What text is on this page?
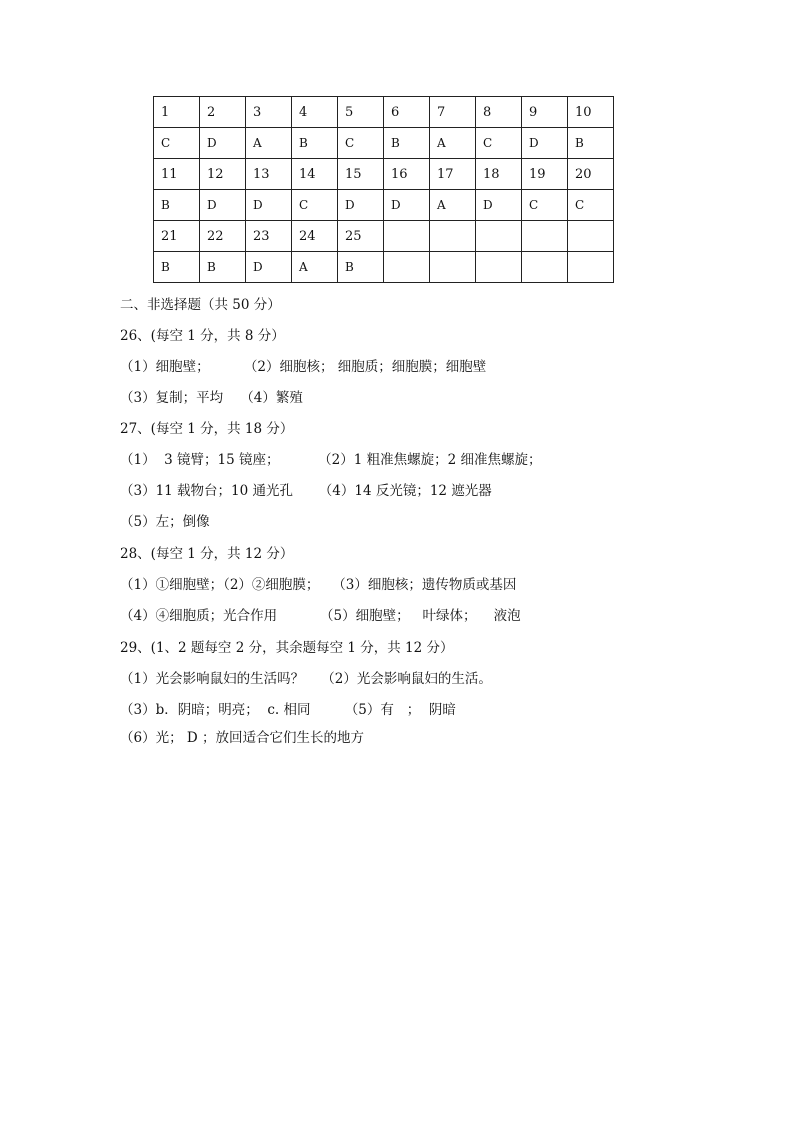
1	2	3	4	5	6	7	8	9	10
C	D	A	B	C	B	A	C	D	B
11	12	13	14	15	16	17	18	19	20
B	D	D	C	D	D	A	D	C	C
21	22	23	24	25					
B	B	D	A	B					
二、非选择题（共 50 分）
26、(每空 1 分，共 8 分）
（1）细胞壁；        （2）细胞核； 细胞质；细胞膜；细胞壁
（3）复制；平均    （4）繁殖
27、(每空 1 分，共 18 分）
（1）  3 镜臂；15 镜座；         （2）1 粗准焦螺旋；2 细准焦螺旋；
（3）11 载物台；10 通光孔      （4）14 反光镜；12 遮光器
（5）左；倒像
28、(每空 1 分，共 12 分）
（1）①细胞壁；（2）②细胞膜；   （3）细胞核；遗传物质或基因
（4）④细胞质；光合作用          （5）细胞壁；   叶绿体；    液泡
29、(1、2 题每空 2 分，其余题每空 1 分，共 12 分）
（1）光会影响鼠妇的生活吗？    （2）光会影响鼠妇的生活。
（3）b．阴暗；明亮；  c. 相同        （5）有   ；  阴暗
（6）光； D ；放回适合它们生长的地方
